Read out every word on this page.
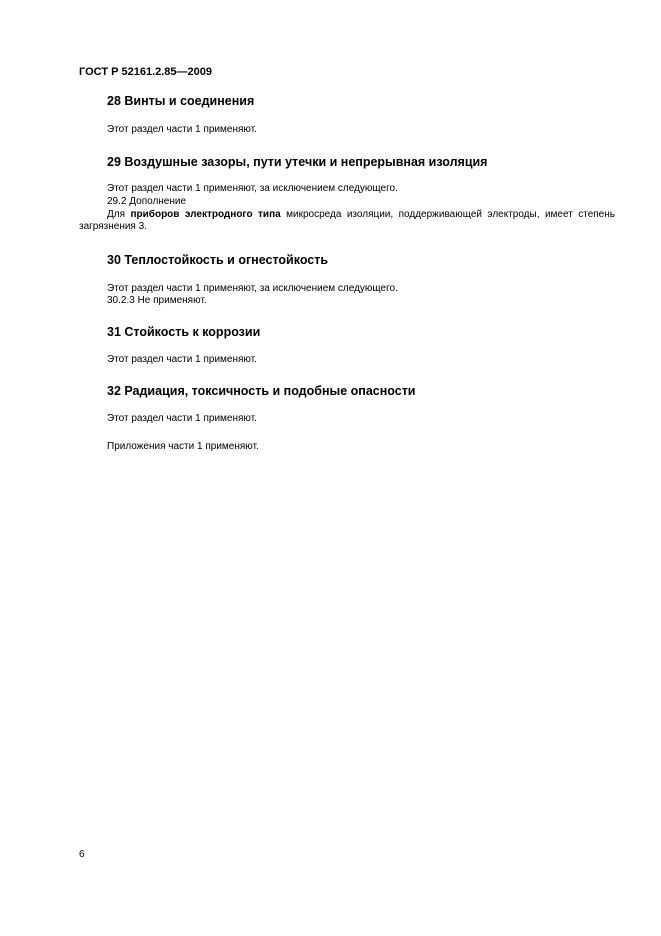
ГОСТ Р 52161.2.85—2009
28 Винты и соединения
Этот раздел части 1 применяют.
29 Воздушные зазоры, пути утечки и непрерывная изоляция
Этот раздел части 1 применяют, за исключением следующего.
29.2 Дополнение
Для приборов электродного типа микросреда изоляции, поддерживающей электроды, имеет степень загрязнения 3.
30 Теплостойкость и огнестойкость
Этот раздел части 1 применяют, за исключением следующего.
30.2.3 Не применяют.
31 Стойкость к коррозии
Этот раздел части 1 применяют.
32 Радиация, токсичность и подобные опасности
Этот раздел части 1 применяют.
Приложения части 1 применяют.
6
